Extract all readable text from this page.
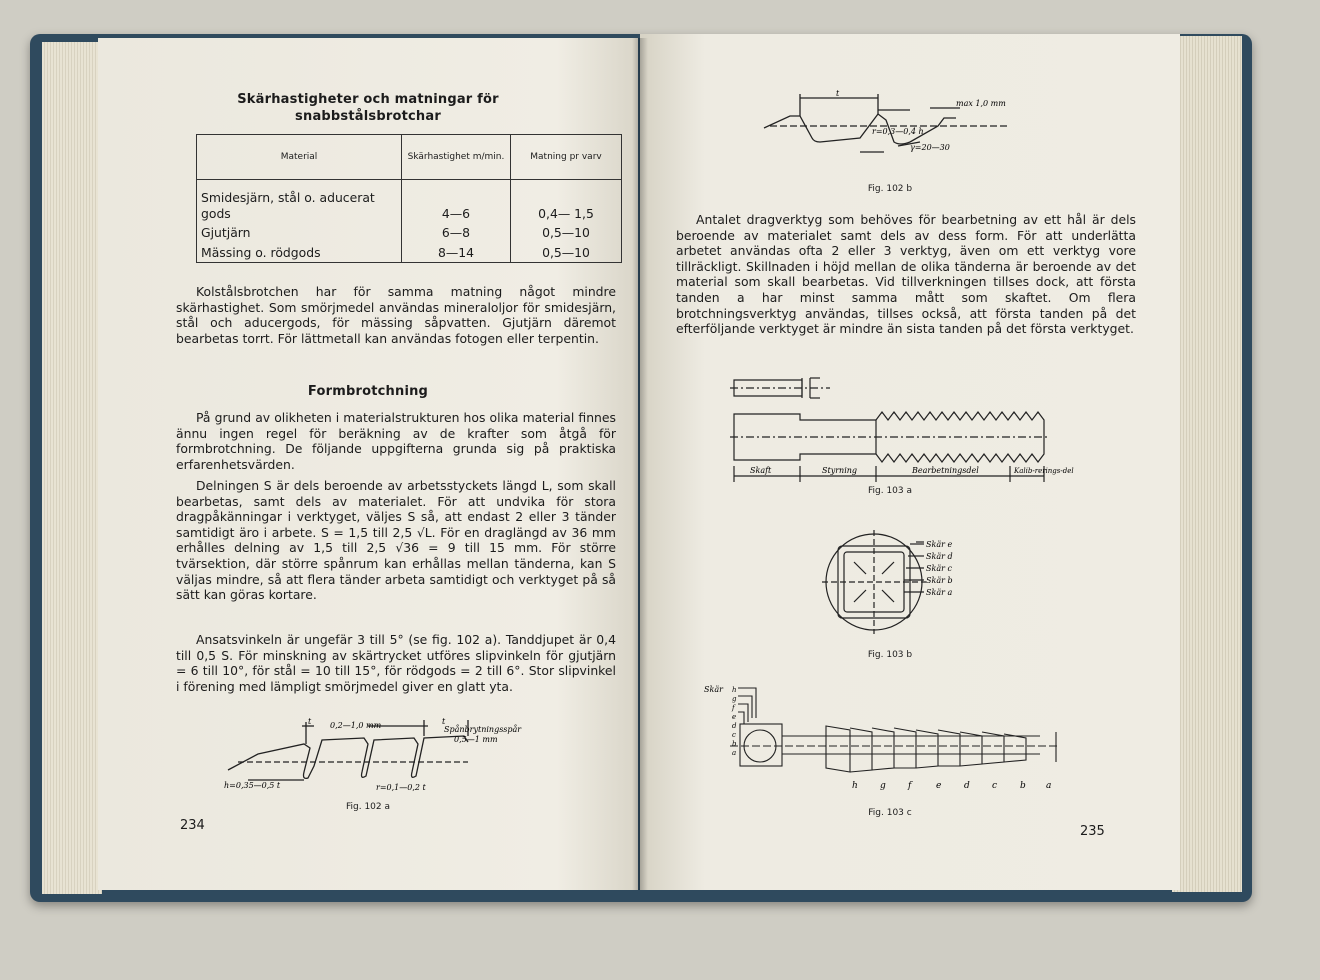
Skärhastigheter och matningar för
snabbstålsbrotchar
Material	Skärhastighet m/min.	Matning pr varv
Smidesjärn, stål o. aducerat gods	4—6	0,4— 1,5
Gjutjärn	6—8	0,5—10
Mässing o. rödgods	8—14	0,5—10

Kolstålsbrotchen har för samma matning något mindre skärhastighet. Som smörjmedel användas mineraloljor för smidesjärn, stål och aducergods, för mässing såpvatten. Gjutjärn däremot bearbetas torrt. För lättmetall kan användas fotogen eller terpentin.

Formbrotchning

På grund av olikheten i materialstrukturen hos olika material finnes ännu ingen regel för beräkning av de krafter som åtgå för formbrotchning. De följande uppgifterna grunda sig på praktiska erfarenhetsvärden.

Delningen S är dels beroende av arbetsstyckets längd L, som skall bearbetas, samt dels av materialet. För att undvika för stora dragpåkänningar i verktyget, väljes S så, att endast 2 eller 3 tänder samtidigt äro i arbete. S = 1,5 till 2,5 √L. För en draglängd av 36 mm erhålles delning av 1,5 till 2,5 √36 = 9 till 15 mm. För större tvärsektion, där större spånrum kan erhållas mellan tänderna, kan S väljas mindre, så att flera tänder arbeta samtidigt och verktyget på så sätt kan göras kortare.

Ansatsvinkeln är ungefär 3 till 5° (se fig. 102 a). Tanddjupet är 0,4 till 0,5 S. För minskning av skärtrycket utföres slipvinkeln för gjutjärn = 6 till 10°, för stål = 10 till 15°, för rödgods = 2 till 6°. Stor slipvinkel i förening med lämpligt smörjmedel giver en glatt yta.

t 0,2—1,0 mm	t
Spånbrytningsspår
0,5—1 mm
h=0,35—0,5 t	r=0,1—0,2 t
Fig. 102 a
234
t
max 1,0 mm
r=0,3—0,4 h
γ=20—30
Fig. 102 b

Antalet dragverktyg som behöves för bearbetning av ett hål är dels beroende av materialet samt dels av dess form. För att underlätta arbetet användas ofta 2 eller 3 verktyg, även om ett verktyg vore tillräckligt. Skillnaden i höjd mellan de olika tänderna är beroende av det material som skall bearbetas. Vid tillverkningen tillses dock, att första tanden a har minst samma mått som skaftet. Om flera brotchningsverktyg användas, tillses också, att första tanden på det efterföljande verktyget är mindre än sista tanden på det första verktyget.

Skaft	Styrning	Bearbetningsdel	Kalib-rerings-del
Fig. 103 a
Skär e
Skär d
Skär c
Skär b
Skär a
Fig. 103 b
Skär h
g
f
e
d
c
b
a
h g f	e	d c	b a
Fig. 103 c
235
